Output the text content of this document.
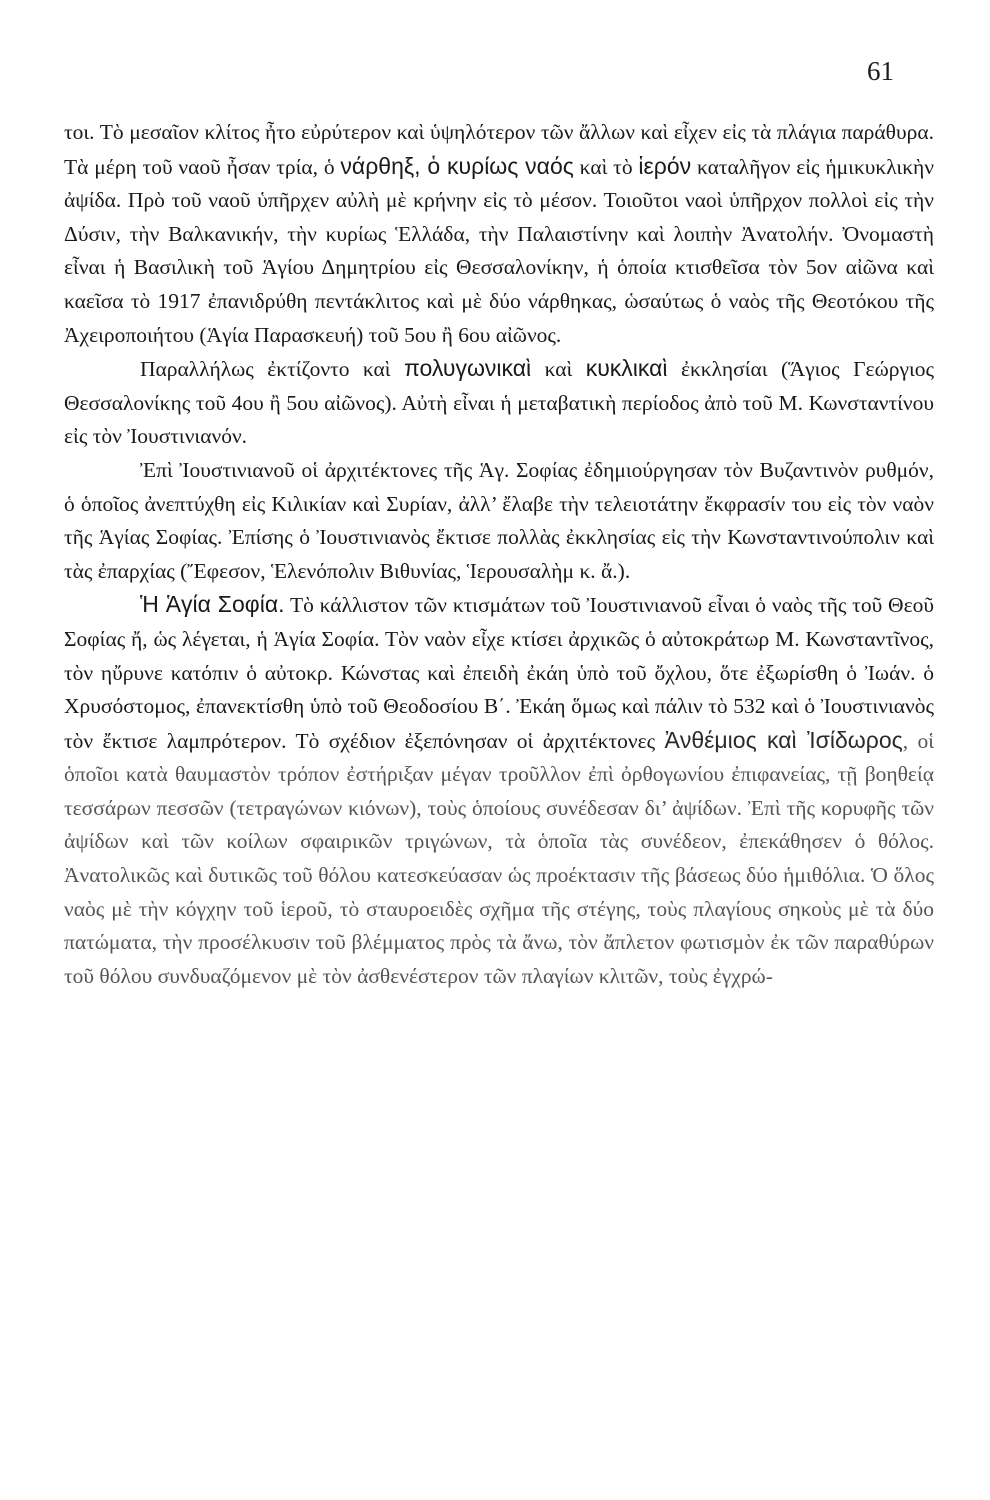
61

τοι. Τὸ μεσαῖον κλίτος ἦτο εὐρύτερον καὶ ὑψηλότερον τῶν ἄλλων καὶ εἶχεν εἰς τὰ πλάγια παράθυρα. Τὰ μέρη τοῦ ναοῦ ἦσαν τρία, ὁ νάρθηξ, ὁ κυρίως ναός καὶ τὸ ἱερόν καταλῆγον εἰς ἡμικυκλικὴν ἀψίδα. Πρὸ τοῦ ναοῦ ὑπῆρχεν αὐλὴ μὲ κρήνην εἰς τὸ μέσον. Τοιοῦτοι ναοὶ ὑπῆρχον πολλοὶ εἰς τὴν Δύσιν, τὴν Βαλκανικήν, τὴν κυρίως Ἑλλάδα, τὴν Παλαιστίνην καὶ λοιπὴν Ἀνατολήν. Ὀνομαστὴ εἶναι ἡ Βασιλικὴ τοῦ Ἁγίου Δημητρίου εἰς Θεσσαλονίκην, ἡ ὁποία κτισθεῖσα τὸν 5ον αἰῶνα καὶ καεῖσα τὸ 1917 ἐπανιδρύθη πεντάκλιτος καὶ μὲ δύο νάρθηκας, ὡσαύτως ὁ ναὸς τῆς Θεοτόκου τῆς Ἀχειροποιήτου (Ἁγία Παρασκευή) τοῦ 5ου ἢ 6ου αἰῶνος.

Παραλλήλως ἐκτίζοντο καὶ πολυγωνικαὶ καὶ κυκλικαὶ ἐκκλησίαι (Ἅγιος Γεώργιος Θεσσαλονίκης τοῦ 4ου ἢ 5ου αἰῶνος). Αὐτὴ εἶναι ἡ μεταβατικὴ περίοδος ἀπὸ τοῦ Μ. Κωνσταντίνου εἰς τὸν Ἰουστινιανόν.

Ἐπὶ Ἰουστινιανοῦ οἱ ἀρχιτέκτονες τῆς Ἁγ. Σοφίας ἐδημιούργησαν τὸν Βυζαντινὸν ρυθμόν, ὁ ὁποῖος ἀνεπτύχθη εἰς Κιλικίαν καὶ Συρίαν, ἀλλ’ ἔλαβε τὴν τελειοτάτην ἔκφρασίν του εἰς τὸν ναὸν τῆς Ἁγίας Σοφίας. Ἐπίσης ὁ Ἰουστινιανὸς ἔκτισε πολλὰς ἐκκλησίας εἰς τὴν Κωνσταντινούπολιν καὶ τὰς ἐπαρχίας (Ἔφεσον, Ἑλενόπολιν Βιθυνίας, Ἱερουσαλὴμ κ. ἄ.).

Ἡ Ἁγία Σοφία. Τὸ κάλλιστον τῶν κτισμάτων τοῦ Ἰουστινιανοῦ εἶναι ὁ ναὸς τῆς τοῦ Θεοῦ Σοφίας ἤ, ὡς λέγεται, ἡ Ἁγία Σοφία. Τὸν ναὸν εἶχε κτίσει ἀρχικῶς ὁ αὐτοκράτωρ Μ. Κωνσταντῖνος, τὸν ηὔρυνε κατόπιν ὁ αὐτοκρ. Κώνστας καὶ ἐπειδὴ ἐκάη ὑπὸ τοῦ ὄχλου, ὅτε ἐξωρίσθη ὁ Ἰωάν. ὁ Χρυσόστομος, ἐπανεκτίσθη ὑπὸ τοῦ Θεοδοσίου Β΄. Ἐκάη ὅμως καὶ πάλιν τὸ 532 καὶ ὁ Ἰουστινιανὸς τὸν ἔκτισε λαμπρότερον. Τὸ σχέδιον ἐξεπόνησαν οἱ ἀρχιτέκτονες Ἀνθέμιος καὶ Ἰσίδωρος, οἱ ὁποῖοι κατὰ θαυμαστὸν τρόπον ἐστήριξαν μέγαν τροῦλλον ἐπὶ ὀρθογωνίου ἐπιφανείας, τῇ βοηθείᾳ τεσσάρων πεσσῶν (τετραγώνων κιόνων), τοὺς ὁποίους συνέδεσαν δι’ ἀψίδων. Ἐπὶ τῆς κορυφῆς τῶν ἀψίδων καὶ τῶν κοίλων σφαιρικῶν τριγώνων, τὰ ὁποῖα τὰς συνέδεον, ἐπεκάθησεν ὁ θόλος. Ἀνατολικῶς καὶ δυτικῶς τοῦ θόλου κατεσκεύασαν ὡς προέκτασιν τῆς βάσεως δύο ἡμιθόλια. Ὁ ὅλος ναὸς μὲ τὴν κόγχην τοῦ ἱεροῦ, τὸ σταυροειδὲς σχῆμα τῆς στέγης, τοὺς πλαγίους σηκοὺς μὲ τὰ δύο πατώματα, τὴν προσέλκυσιν τοῦ βλέμματος πρὸς τὰ ἄνω, τὸν ἄπλετον φωτισμὸν ἐκ τῶν παραθύρων τοῦ θόλου συνδυαζόμενον μὲ τὸν ἀσθενέστερον τῶν πλαγίων κλιτῶν, τοὺς ἐγχρώ-
